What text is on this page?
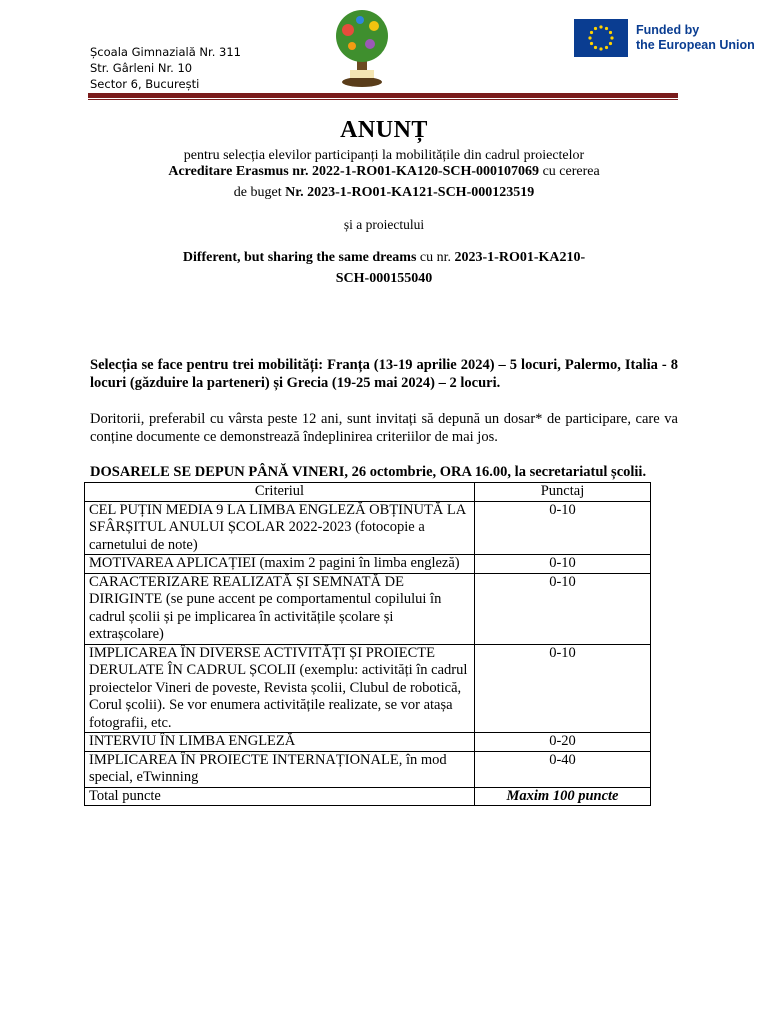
Școala Gimnazială Nr. 311
Str. Gârleni Nr. 10
Sector 6, București
Funded by
the European Union
ANUNȚ
pentru selecția elevilor participanți la mobilitățile din cadrul proiectelor
Acreditare Erasmus nr. 2022-1-RO01-KA120-SCH-000107069 cu cererea
de buget Nr. 2023-1-RO01-KA121-SCH-000123519
și a proiectului
Different, but sharing the same dreams cu nr. 2023-1-RO01-KA210-
SCH-000155040
Selecția se face pentru trei mobilități: Franța (13-19 aprilie 2024) – 5 locuri, Palermo, Italia - 8 locuri (găzduire la parteneri) și Grecia (19-25 mai 2024) – 2 locuri.
Doritorii, preferabil cu vârsta peste 12 ani, sunt invitați să depună un dosar* de participare, care va conține documente ce demonstrează îndeplinirea criteriilor de mai jos.
DOSARELE SE DEPUN PÂNĂ VINERI, 26 octombrie, ORA 16.00, la secretariatul școlii.
Criteriul	Punctaj
CEL PUȚIN MEDIA 9 LA LIMBA ENGLEZĂ OBȚINUTĂ LA SFÂRȘITUL ANULUI ȘCOLAR 2022-2023 (fotocopie a carnetului de note)	0-10
MOTIVAREA APLICAȚIEI (maxim 2 pagini în limba engleză)	0-10
CARACTERIZARE REALIZATĂ ȘI SEMNATĂ DE DIRIGINTE (se pune accent pe comportamentul copilului în cadrul școlii și pe implicarea în activitățile școlare și extrașcolare)	0-10
IMPLICAREA ÎN DIVERSE ACTIVITĂȚI ȘI PROIECTE DERULATE ÎN CADRUL ȘCOLII (exemplu: activități în cadrul proiectelor Vineri de poveste, Revista școlii, Clubul de robotică, Corul școlii). Se vor enumera activitățile realizate, se vor atașa fotografii, etc.	0-10
INTERVIU ÎN LIMBA ENGLEZĂ	0-20
IMPLICAREA ÎN PROIECTE INTERNAȚIONALE, în mod special, eTwinning	0-40
Total puncte	Maxim 100 puncte
